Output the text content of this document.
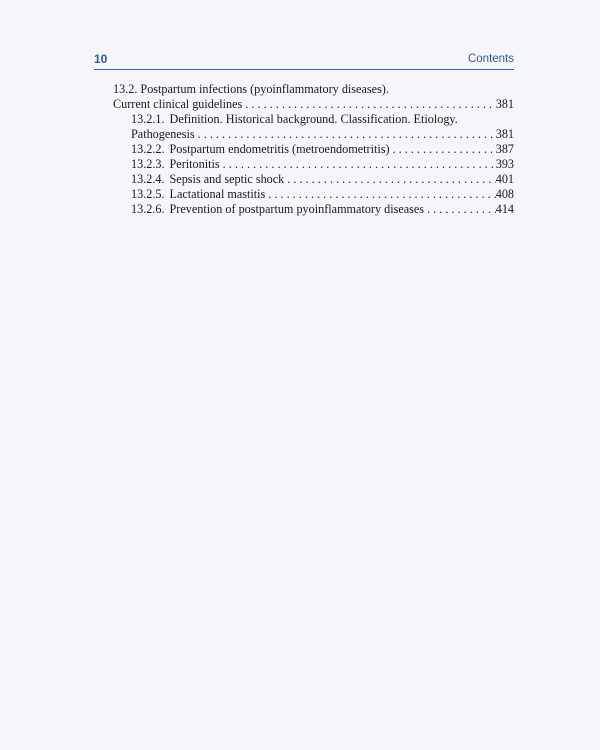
10	Contents
13.2. Postpartum infections (pyoinflammatory diseases).
Current clinical guidelines . . .	381
13.2.1. Definition. Historical background. Classification. Etiology.
Pathogenesis . . .	381
13.2.2. Postpartum endometritis (metroendometritis) . . .	387
13.2.3. Peritonitis . . .	393
13.2.4. Sepsis and septic shock . . .	401
13.2.5. Lactational mastitis . . .	408
13.2.6. Prevention of postpartum pyoinflammatory diseases . . .	414
